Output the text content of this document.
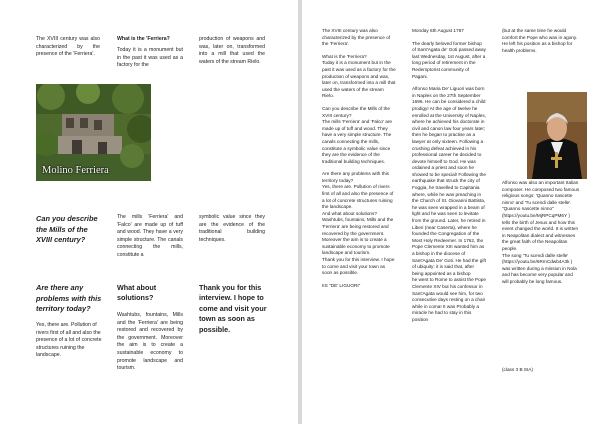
The XVIII century was also characterized by the presence of the 'Ferriera'.

What is the 'Ferriera?

Today it is a monument but in the past it was used as a factory for the

production of weapons and was, later on, transformed into a mill that used the waters of the stream Rielo.

Molino Ferriera

Can you describe the Mills of the XVIII century?

The mills 'Ferriera' and 'Falco' are made up of tuff and wood. They have a very simple structure. The canals connecting the mills, constitute a

symbolic value since they are the evidence of the traditional building techniques.

Are there any problems with this territory today?

Yes, there are. Pollution of rivers first of all and also the presence of a lot of concrete structures ruining the landscape.

What about solutions?

Washtubs, fountains, Mills and the 'Ferriera' are being restored and recovered by the government. Moreover the aim is to create a sustainable economy to promote landscape and tourism.

Thank you for this interview. I hope to come and visit your town as soon as possible.

The XVIII century was also characterized by the presence of the 'Ferriera'.

What is the 'Ferriera?
Today it is a monument but in the past it was used as a factory for the production of weapons and was, later on, transformed into a mill that used the waters of the stream Rielo.

Can you describe the Mills of the XVIII century?
The mills 'Ferriera' and 'Falco' are made up of tuff and wood. They have a very simple structure. The canals connecting the mills, constitute a symbolic value since they are the evidence of the traditional building techniques.

Are there any problems with this territory today?
Yes, there are. Pollution of rivers first of all and also the presence of a lot of concrete structures ruining the landscape.
And what about solutions?
Washtubs, fountains, Mills and the 'Ferriera' are being restored and recovered by the government. Moreover the aim is to create a sustainable economy to promote landscape and tourism.
Thank you for this interview. I hope to come and visit your town as soon as possible.

IIS "DE' LIGUORI"

Monday 6th August 1787

The dearly beloved former bishop of Sant'Agata de' Goti passed away last Wednesday, 1st August, after a long period of retirement in the Redemptorist community of Pagani.

Alfonso Maria De' Liguori was born in Naples on the 27th September 1696. He can be considered a child prodigy! At the age of twelve he enrolled at the University of Naples, where he achieved his doctorate in civil and canon law four years later; then he began to practise as a lawyer at only sixteen. Following a crushing defeat achieved in his professional career he decided to devote himself to God. He was ordained a priest and soon he showed to be special! Following the earthquake that struck the city of Foggia, he travelled to Capitania where, while he was preaching in the Church of St. Giovanni Battista, he was seen wrapped in a beam of light and he was seen to levitate from the ground. Later, he retired in Liberi (near Caserta), where he founded the Congregation of the Most Holy Redeemer. In 1762, the Pope Clemente XIII wanted him as a bishop in the diocese of Sant'Agata De' Goti. He had the gift of ubiquity: it is said that, after being appointed as a bishop
he went to Rome to assist the Pope Clemente XIV but his confessor in Sant'Agata would see him, for two consecutive days resting on a chair while in coma! It was Probably a miracle he had to stay in this position

(but at the same time he would comfort the Pope who was in agony.
He left his position as a bishop for health problems.

Alfonso was also an important Italian composer. He composed two famous religious songs: 'Quanno nascette ninno' and 'Tu scendi dalle stelle'.
"Quanno nascette ninno" (https://youtu.be/MjRPCqPM6Y )
tells the birth of Jesus and how this event changed the world. It is written in Neapolitan dialect and witnesses the great faith of the Neapolitan people.
The song 'Tu scendi dalle stelle' (https://youtu.be/6RmCdwb4A3k ) was written during a mission in Nola and has become very popular and will probably be long famous.

(class 3 B SIA)
